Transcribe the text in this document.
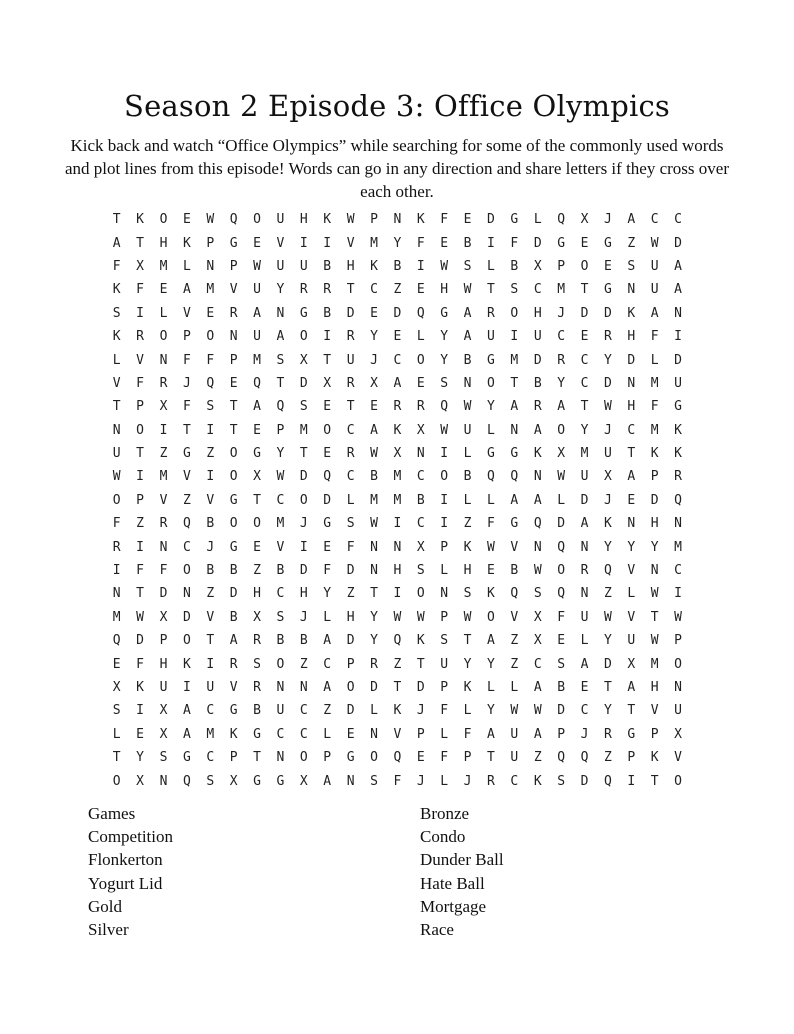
Season 2 Episode 3: Office Olympics
Kick back and watch “Office Olympics” while searching for some of the commonly used words and plot lines from this episode! Words can go in any direction and share letters if they cross over each other.
T	K	O	E	W	Q	O	U	H	K	W	P	N	K	F	E	D	G	L	Q	X	J	A	C	C
A	T	H	K	P	G	E	V	I	I	V	M	Y	F	E	B	I	F	D	G	E	G	Z	W	D
F	X	M	L	N	P	W	U	U	B	H	K	B	I	W	S	L	B	X	P	O	E	S	U	A
K	F	E	A	M	V	U	Y	R	R	T	C	Z	E	H	W	T	S	C	M	T	G	N	U	A
S	I	L	V	E	R	A	N	G	B	D	E	D	Q	G	A	R	O	H	J	D	D	K	A	N
K	R	O	P	O	N	U	A	O	I	R	Y	E	L	Y	A	U	I	U	C	E	R	H	F	I
L	V	N	F	F	P	M	S	X	T	U	J	C	O	Y	B	G	M	D	R	C	Y	D	L	D
V	F	R	J	Q	E	Q	T	D	X	R	X	A	E	S	N	O	T	B	Y	C	D	N	M	U
T	P	X	F	S	T	A	Q	S	E	T	E	R	R	Q	W	Y	A	R	A	T	W	H	F	G
N	O	I	T	I	T	E	P	M	O	C	A	K	X	W	U	L	N	A	O	Y	J	C	M	K
U	T	Z	G	Z	O	G	Y	T	E	R	W	X	N	I	L	G	G	K	X	M	U	T	K	K
W	I	M	V	I	O	X	W	D	Q	C	B	M	C	O	B	Q	Q	N	W	U	X	A	P	R
O	P	V	Z	V	G	T	C	O	D	L	M	M	B	I	L	L	A	A	L	D	J	E	D	Q
F	Z	R	Q	B	O	O	M	J	G	S	W	I	C	I	Z	F	G	Q	D	A	K	N	H	N
R	I	N	C	J	G	E	V	I	E	F	N	N	X	P	K	W	V	N	Q	N	Y	Y	Y	M
I	F	F	O	B	B	Z	B	D	F	D	N	H	S	L	H	E	B	W	O	R	Q	V	N	C
N	T	D	N	Z	D	H	C	H	Y	Z	T	I	O	N	S	K	Q	S	Q	N	Z	L	W	I
M	W	X	D	V	B	X	S	J	L	H	Y	W	W	P	W	O	V	X	F	U	W	V	T	W
Q	D	P	O	T	A	R	B	B	A	D	Y	Q	K	S	T	A	Z	X	E	L	Y	U	W	P
E	F	H	K	I	R	S	O	Z	C	P	R	Z	T	U	Y	Y	Z	C	S	A	D	X	M	O
X	K	U	I	U	V	R	N	N	A	O	D	T	D	P	K	L	L	A	B	E	T	A	H	N
S	I	X	A	C	G	B	U	C	Z	D	L	K	J	F	L	Y	W	W	D	C	Y	T	V	U
L	E	X	A	M	K	G	C	C	L	E	N	V	P	L	F	A	U	A	P	J	R	G	P	X
T	Y	S	G	C	P	T	N	O	P	G	O	Q	E	F	P	T	U	Z	Q	Q	Z	P	K	V
O	X	N	Q	S	X	G	G	X	A	N	S	F	J	L	J	R	C	K	S	D	Q	I	T	O
Games
Competition
Flonkerton
Yogurt Lid
Gold
Silver
Bronze
Condo
Dunder Ball
Hate Ball
Mortgage
Race
